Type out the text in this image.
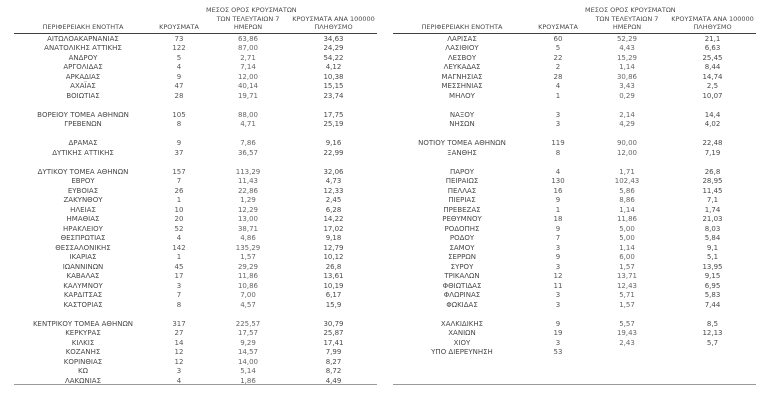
ΠΕΡΙΦΕΡΕΙΑΚΗ ΕΝΟΤΗΤΑ	ΚΡΟΥΣΜΑΤΑ
ΜΕΣΟΣ ΟΡΟΣ ΚΡΟΥΣΜΑΤΩΝ
ΤΩΝ ΤΕΛΕΥΤΑΙΩΝ 7
ΗΜΕΡΩΝ
ΚΡΟΥΣΜΑΤΑ ΑΝΑ 100000
ΠΛΗΘΥΣΜΟ
ΑΙΤΩΛΟΑΚΑΡΝΑΝΙΑΣ	73	63,86	34,63
ΑΝΑΤΟΛΙΚΗΣ ΑΤΤΙΚΗΣ	122	87,00	24,29
ΑΝΔΡΟΥ	5	2,71	54,22
ΑΡΓΟΛΙΔΑΣ	4	7,14	4,12
ΑΡΚΑΔΙΑΣ	9	12,00	10,38
ΑΧΑΪΑΣ	47	40,14	15,15
ΒΟΙΩΤΙΑΣ	28	19,71	23,74
ΒΟΡΕΙΟΥ ΤΟΜΕΑ ΑΘΗΝΩΝ	105	88,00	17,75
ΓΡΕΒΕΝΩΝ	8	4,71	25,19
ΔΡΑΜΑΣ	9	7,86	9,16
ΔΥΤΙΚΗΣ ΑΤΤΙΚΗΣ	37	36,57	22,99
ΔΥΤΙΚΟΥ ΤΟΜΕΑ ΑΘΗΝΩΝ	157	113,29	32,06
ΕΒΡΟΥ	7	11,43	4,73
ΕΥΒΟΙΑΣ	26	22,86	12,33
ΖΑΚΥΝΘΟΥ	1	1,29	2,45
ΗΛΕΙΑΣ	10	12,29	6,28
ΗΜΑΘΙΑΣ	20	13,00	14,22
ΗΡΑΚΛΕΙΟΥ	52	38,71	17,02
ΘΕΣΠΡΩΤΙΑΣ	4	4,86	9,18
ΘΕΣΣΑΛΟΝΙΚΗΣ	142	135,29	12,79
ΙΚΑΡΙΑΣ	1	1,57	10,12
ΙΩΑΝΝΙΝΩΝ	45	29,29	26,8
ΚΑΒΑΛΑΣ	17	11,86	13,61
ΚΑΛΥΜΝΟΥ	3	10,86	10,19
ΚΑΡΔΙΤΣΑΣ	7	7,00	6,17
ΚΑΣΤΟΡΙΑΣ	8	4,57	15,9
ΚΕΝΤΡΙΚΟΥ ΤΟΜΕΑ ΑΘΗΝΩΝ	317	225,57	30,79
ΚΕΡΚΥΡΑΣ	27	17,57	25,87
ΚΙΛΚΙΣ	14	9,29	17,41
ΚΟΖΑΝΗΣ	12	14,57	7,99
ΚΟΡΙΝΘΙΑΣ	12	14,00	8,27
ΚΩ	3	5,14	8,72
ΛΑΚΩΝΙΑΣ	4	1,86	4,49
ΠΕΡΙΦΕΡΕΙΑΚΗ ΕΝΟΤΗΤΑ	ΚΡΟΥΣΜΑΤΑ
ΜΕΣΟΣ ΟΡΟΣ ΚΡΟΥΣΜΑΤΩΝ
ΤΩΝ ΤΕΛΕΥΤΑΙΩΝ 7
ΗΜΕΡΩΝ
ΚΡΟΥΣΜΑΤΑ ΑΝΑ 100000
ΠΛΗΘΥΣΜΟ
ΛΑΡΙΣΑΣ	60	52,29	21,1
ΛΑΣΙΘΙΟΥ	5	4,43	6,63
ΛΕΣΒΟΥ	22	15,29	25,45
ΛΕΥΚΑΔΑΣ	2	1,14	8,44
ΜΑΓΝΗΣΙΑΣ	28	30,86	14,74
ΜΕΣΣΗΝΙΑΣ	4	3,43	2,5
ΜΗΛΟΥ	1	0,29	10,07
ΝΑΞΟΥ	3	2,14	14,4
ΝΗΣΩΝ	3	4,29	4,02
ΝΟΤΙΟΥ ΤΟΜΕΑ ΑΘΗΝΩΝ	119	90,00	22,48
ΞΑΝΘΗΣ	8	12,00	7,19
ΠΑΡΟΥ	4	1,71	26,8
ΠΕΙΡΑΙΩΣ	130	102,43	28,95
ΠΕΛΛΑΣ	16	5,86	11,45
ΠΙΕΡΙΑΣ	9	8,86	7,1
ΠΡΕΒΕΖΑΣ	1	1,14	1,74
ΡΕΘΥΜΝΟΥ	18	11,86	21,03
ΡΟΔΟΠΗΣ	9	5,00	8,03
ΡΟΔΟΥ	7	5,00	5,84
ΣΑΜΟΥ	3	1,14	9,1
ΣΕΡΡΩΝ	9	6,00	5,1
ΣΥΡΟΥ	3	1,57	13,95
ΤΡΙΚΑΛΩΝ	12	13,71	9,15
ΦΘΙΩΤΙΔΑΣ	11	12,43	6,95
ΦΛΩΡΙΝΑΣ	3	5,71	5,83
ΦΩΚΙΔΑΣ	3	1,57	7,44
ΧΑΛΚΙΔΙΚΗΣ	9	5,57	8,5
ΧΑΝΙΩΝ	19	19,43	12,13
ΧΙΟΥ	3	2,43	5,7
ΥΠΟ ΔΙΕΡΕΥΝΗΣΗ	53
